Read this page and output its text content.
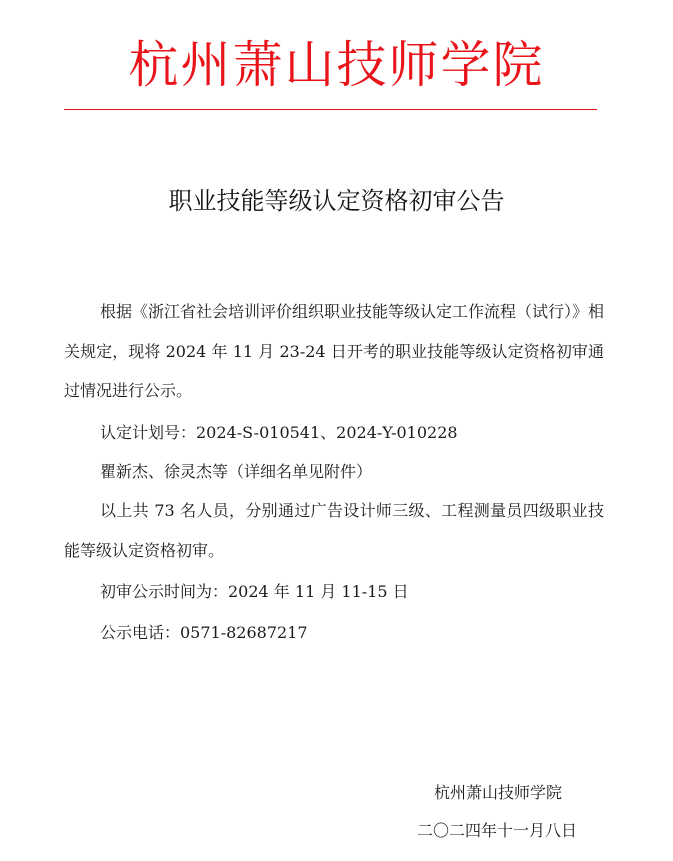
杭州萧山技师学院
职业技能等级认定资格初审公告
根据《浙江省社会培训评价组织职业技能等级认定工作流程（试行）》相关规定，现将 2024 年 11 月 23-24 日开考的职业技能等级认定资格初审通过情况进行公示。
认定计划号：2024-S-010541、2024-Y-010228
瞿新杰、徐灵杰等（详细名单见附件）
以上共 73 名人员，分别通过广告设计师三级、工程测量员四级职业技能等级认定资格初审。
初审公示时间为：2024 年 11 月 11-15 日
公示电话：0571-82687217
杭州萧山技师学院
二〇二四年十一月八日
